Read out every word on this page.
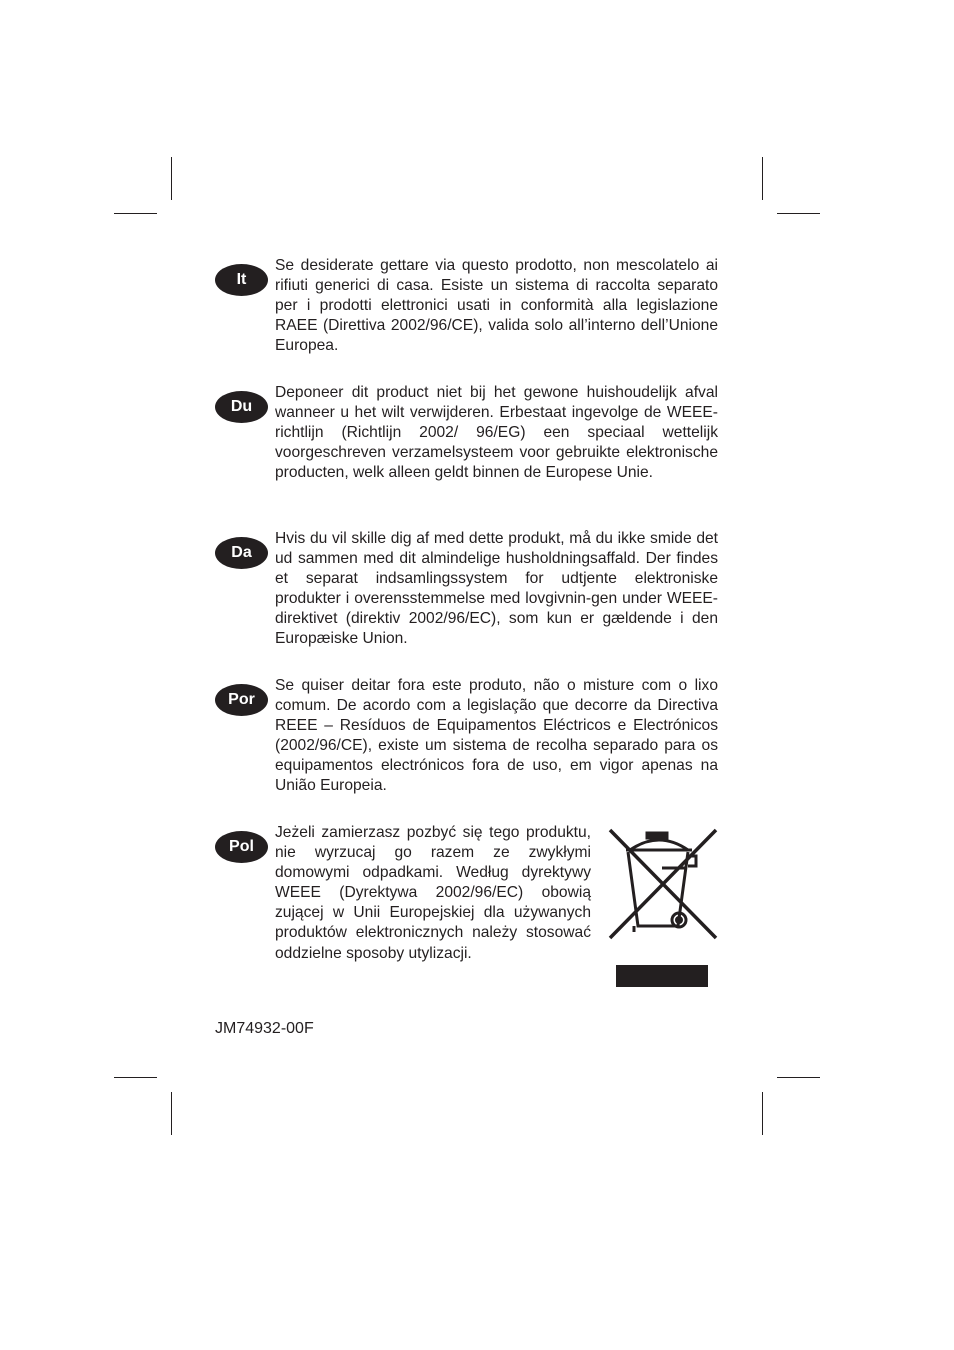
It
Se desiderate gettare via questo prodotto, non mescolatelo ai rifiuti generici di casa. Esiste un sistema di raccolta separato per i prodotti elettronici usati in conformità alla legislazione RAEE (Direttiva 2002/96/CE), valida solo all’interno dell’Unione Europea.
Du
Deponeer dit product niet bij het gewone huishoudelijk afval wanneer u het wilt verwijderen. Erbestaat ingevolge de WEEE-richtlijn (Richtlijn 2002/ 96/EG) een speciaal wettelijk voorgeschreven verzamelsysteem voor gebruikte elektronische producten, welk alleen geldt binnen de Europese Unie.
Da
Hvis du vil skille dig af med dette produkt, må du ikke smide det ud sammen med dit almindelige husholdningsaffald. Der findes et separat indsamlingssystem for udtjente elektroniske produkter i overensstemmelse med lovgivnin-gen under WEEE-direktivet (direktiv 2002/96/EC), som kun er gældende i den Europæiske Union.
Por
Se quiser deitar fora este produto, não o misture com o lixo comum. De acordo com a legislação que decorre da Directiva REEE – Resíduos de Equipamentos Eléctricos e Electrónicos (2002/96/CE), existe um sistema de recolha separado para os equipamentos electrónicos fora de uso, em vigor apenas na União Europeia.
Pol
Jeżeli zamierzasz pozbyć się tego produktu, nie wyrzucaj go razem ze zwykłymi domowymi odpadkami. Według dyrektywy WEEE (Dyrektywa 2002/96/EC) obowią zującej w Unii Europejskiej dla używanych produktów elektronicznych należy stosować oddzielne sposoby utylizacji.
JM74932-00F
